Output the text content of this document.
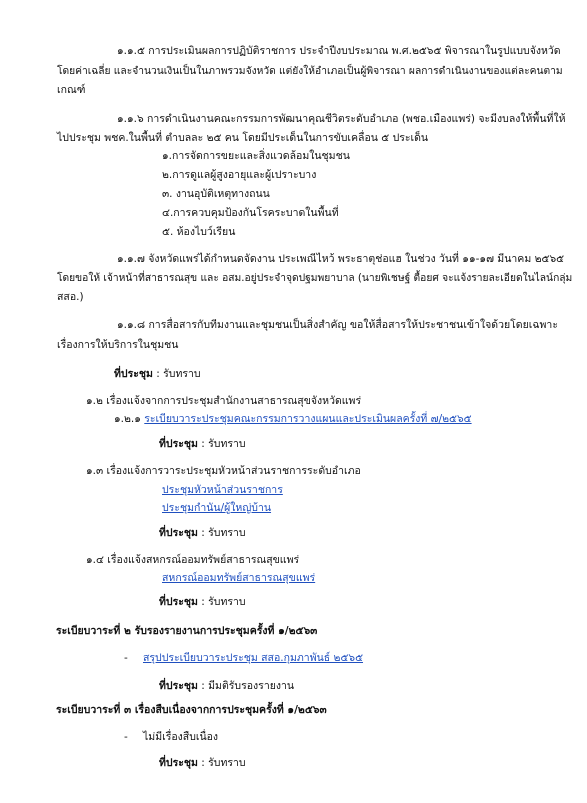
๑.๑.๕ การประเมินผลการปฏิบัติราชการ ประจำปีงบประมาณ พ.ศ.๒๕๖๕ พิจารณาในรูปแบบจังหวัด
โดยค่าเฉลี่ย และจำนวนเงินเป็นในภาพรวมจังหวัด แต่ยังให้อำเภอเป็นผู้พิจารณา ผลการดำเนินงานของแต่ละคนตาม
เกณฑ์
๑.๑.๖ การดำเนินงานคณะกรรมการพัฒนาคุณชีวิตระดับอำเภอ (พชอ.เมืองแพร่) จะมีงบลงให้พื้นที่ให้
ไปประชุม พชค.ในพื้นที่ ตำบลละ ๒๕ คน โดยมีประเด็นในการขับเคลื่อน ๕ ประเด็น
๑.การจัดการขยะและสิ่งแวดล้อมในชุมชน
๒.การดูแลผู้สูงอายุและผู้เปราะบาง
๓. งานอุบัติเหตุทางถนน
๔.การควบคุมป้องกันโรคระบาดในพื้นที่
๕. ห้องไบว์เรียน
๑.๑.๗ จังหวัดแพร่ได้กำหนดจัดงาน ประเพณีไหว้ พระธาตุช่อแฮ ในช่วง วันที่ ๑๑-๑๗ มีนาคม ๒๕๖๕
โดยขอให้ เจ้าหน้าที่สาธารณสุข และ อสม.อยู่ประจำจุดปฐมพยาบาล (นายพิเชษฐ์ ตื้อยศ จะแจ้งรายละเอียดในไลน์กลุ่ม
สสอ.)
๑.๑.๘ การสื่อสารกับทีมงานและชุมชนเป็นสิ่งสำคัญ ขอให้สื่อสารให้ประชาชนเข้าใจด้วยโดยเฉพาะ
เรื่องการให้บริการในชุมชน
ที่ประชุม : รับทราบ
๑.๒ เรื่องแจ้งจากการประชุมสำนักงานสาธารณสุขจังหวัดแพร่
๑.๒.๑ ระเบียบวาระประชุมคณะกรรมการวางแผนและประเมินผลครั้งที่ ๗/๒๕๖๕
ที่ประชุม : รับทราบ
๑.๓ เรื่องแจ้งการวาระประชุมหัวหน้าส่วนราชการระดับอำเภอ
ประชุมหัวหน้าส่วนราชการ
ประชุมกำนัน/ผู้ใหญ่บ้าน
ที่ประชุม : รับทราบ
๑.๔ เรื่องแจ้งสหกรณ์ออมทรัพย์สาธารณสุขแพร่
สหกรณ์ออมทรัพย์สาธารณสุขแพร่
ที่ประชุม : รับทราบ
ระเบียบวาระที่ ๒ รับรองรายงานการประชุมครั้งที่ ๑/๒๕๖๓
- สรุปประเบียบวาระประชุม สสอ.กุมภาพันธ์ ๒๕๖๕
ที่ประชุม : มีมติรับรองรายงาน
ระเบียบวาระที่ ๓ เรื่องสืบเนื่องจากการประชุมครั้งที่ ๑/๒๕๖๓
- ไม่มีเรื่องสืบเนื่อง
ที่ประชุม : รับทราบ
